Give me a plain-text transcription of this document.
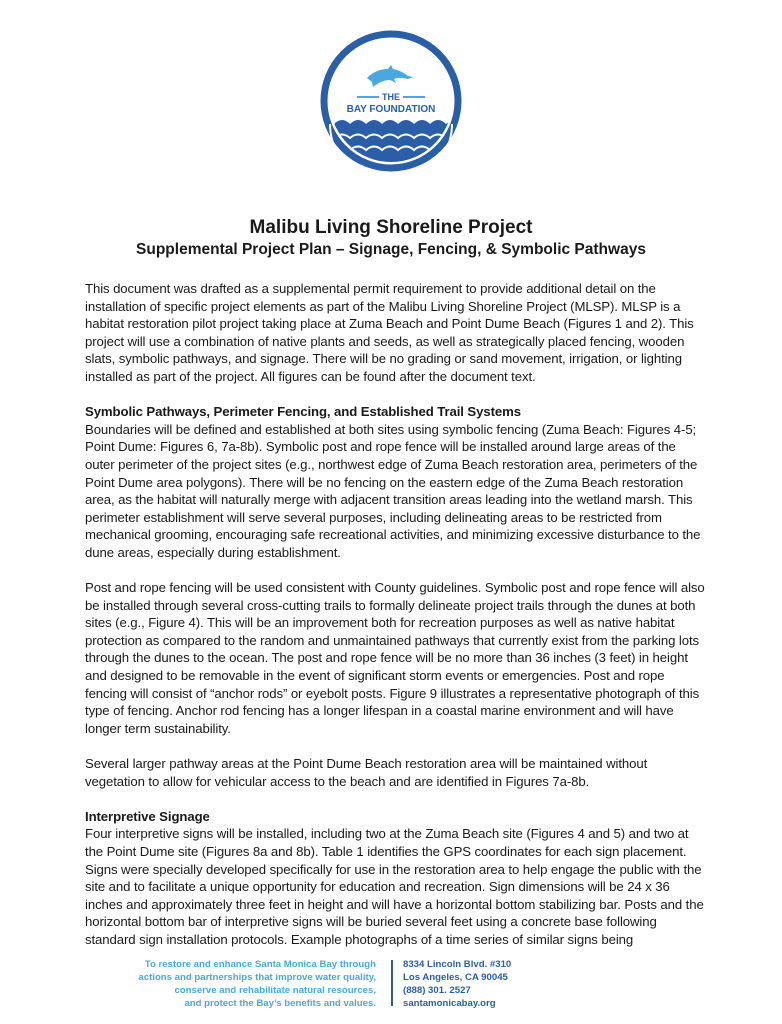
THE
BAY FOUNDATION
Malibu Living Shoreline Project
Supplemental Project Plan – Signage, Fencing, & Symbolic Pathways

This document was drafted as a supplemental permit requirement to provide additional detail on the installation of specific project elements as part of the Malibu Living Shoreline Project (MLSP). MLSP is a habitat restoration pilot project taking place at Zuma Beach and Point Dume Beach (Figures 1 and 2). This project will use a combination of native plants and seeds, as well as strategically placed fencing, wooden slats, symbolic pathways, and signage. There will be no grading or sand movement, irrigation, or lighting installed as part of the project. All figures can be found after the document text.

Symbolic Pathways, Perimeter Fencing, and Established Trail Systems

Boundaries will be defined and established at both sites using symbolic fencing (Zuma Beach: Figures 4-5; Point Dume: Figures 6, 7a-8b). Symbolic post and rope fence will be installed around large areas of the outer perimeter of the project sites (e.g., northwest edge of Zuma Beach restoration area, perimeters of the Point Dume area polygons). There will be no fencing on the eastern edge of the Zuma Beach restoration area, as the habitat will naturally merge with adjacent transition areas leading into the wetland marsh. This perimeter establishment will serve several purposes, including delineating areas to be restricted from mechanical grooming, encouraging safe recreational activities, and minimizing excessive disturbance to the dune areas, especially during establishment.

Post and rope fencing will be used consistent with County guidelines. Symbolic post and rope fence will also be installed through several cross-cutting trails to formally delineate project trails through the dunes at both sites (e.g., Figure 4). This will be an improvement both for recreation purposes as well as native habitat protection as compared to the random and unmaintained pathways that currently exist from the parking lots through the dunes to the ocean. The post and rope fence will be no more than 36 inches (3 feet) in height and designed to be removable in the event of significant storm events or emergencies. Post and rope fencing will consist of “anchor rods” or eyebolt posts. Figure 9 illustrates a representative photograph of this type of fencing. Anchor rod fencing has a longer lifespan in a coastal marine environment and will have longer term sustainability.

Several larger pathway areas at the Point Dume Beach restoration area will be maintained without vegetation to allow for vehicular access to the beach and are identified in Figures 7a-8b.

Interpretive Signage

Four interpretive signs will be installed, including two at the Zuma Beach site (Figures 4 and 5) and two at the Point Dume site (Figures 8a and 8b). Table 1 identifies the GPS coordinates for each sign placement. Signs were specially developed specifically for use in the restoration area to help engage the public with the site and to facilitate a unique opportunity for education and recreation. Sign dimensions will be 24 x 36 inches and approximately three feet in height and will have a horizontal bottom stabilizing bar. Posts and the horizontal bottom bar of interpretive signs will be buried several feet using a concrete base following standard sign installation protocols. Example photographs of a time series of similar signs being

To restore and enhance Santa Monica Bay through
actions and partnerships that improve water quality,
conserve and rehabilitate natural resources,
and protect the Bay’s benefits and values.
8334 Lincoln Blvd. #310
Los Angeles, CA 90045
(888) 301. 2527
santamonicabay.org
